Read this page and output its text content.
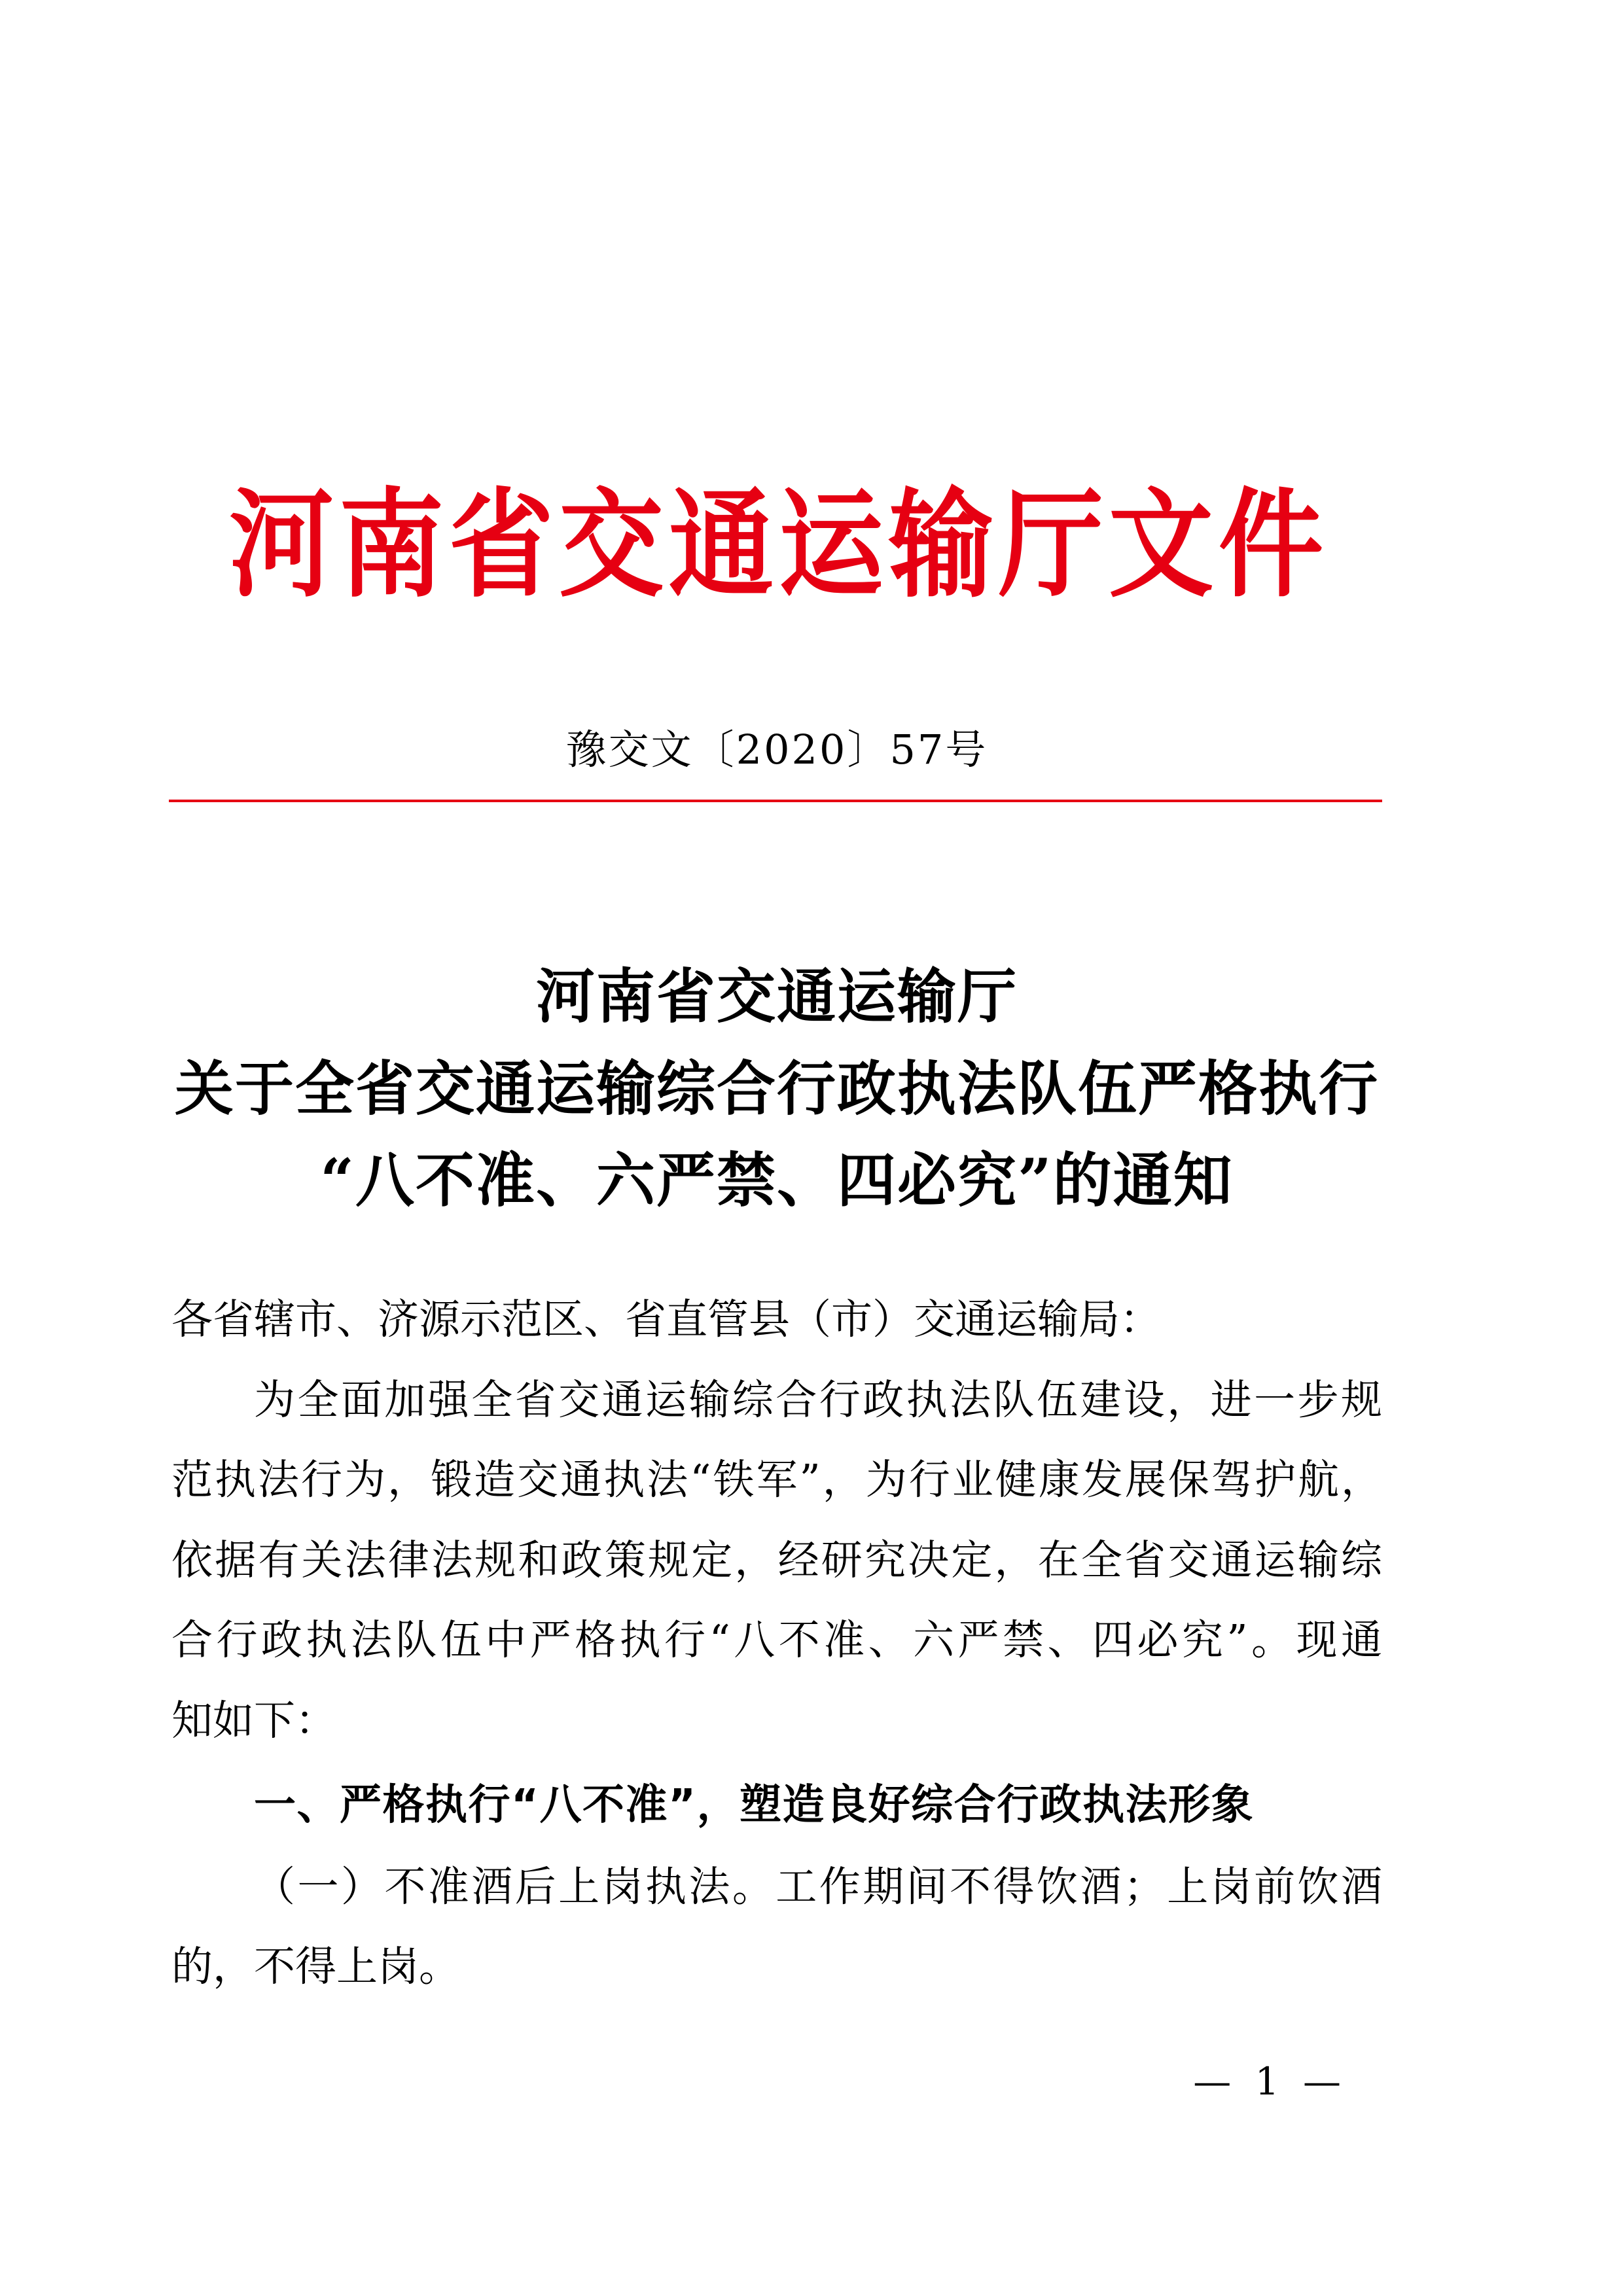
河南省交通运输厅文件
豫交文〔2020〕57号
河南省交通运输厅
关于全省交通运输综合行政执法队伍严格执行
“八不准、六严禁、四必究”的通知
各省辖市、济源示范区、省直管县（市）交通运输局：
为全面加强全省交通运输综合行政执法队伍建设，进一步规
范执法行为，锻造交通执法“铁军”，为行业健康发展保驾护航，
依据有关法律法规和政策规定，经研究决定，在全省交通运输综
合行政执法队伍中严格执行“八不准、六严禁、四必究”。现通
知如下：
一、严格执行“八不准”，塑造良好综合行政执法形象
（一）不准酒后上岗执法。工作期间不得饮酒；上岗前饮酒
的，不得上岗。
— 1 —
